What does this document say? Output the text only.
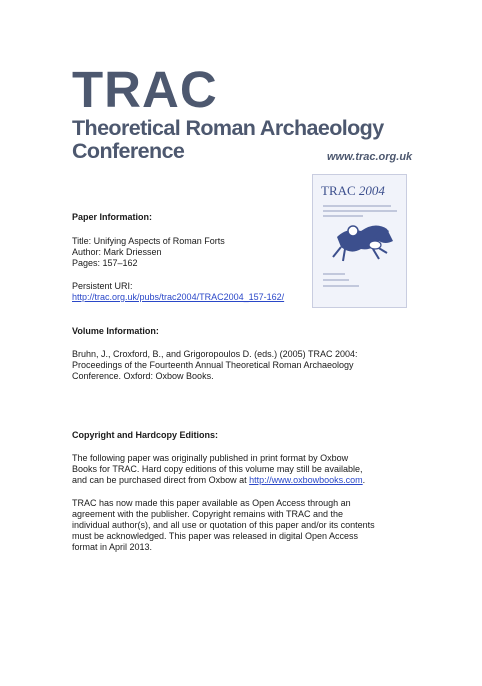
TRAC
Theoretical Roman Archaeology
Conference	www.trac.org.uk
TRAC 2004
Paper Information:
Title: Unifying Aspects of Roman Forts
Author: Mark Driessen
Pages: 157–162
Persistent URI:
http://trac.org.uk/pubs/trac2004/TRAC2004_157-162/
Volume Information:
Bruhn, J., Croxford, B., and Grigoropoulos D. (eds.) (2005) TRAC 2004:
Proceedings of the Fourteenth Annual Theoretical Roman Archaeology
Conference. Oxford: Oxbow Books.
Copyright and Hardcopy Editions:
The following paper was originally published in print format by Oxbow
Books for TRAC. Hard copy editions of this volume may still be available,
and can be purchased direct from Oxbow at http://www.oxbowbooks.com.
TRAC has now made this paper available as Open Access through an
agreement with the publisher. Copyright remains with TRAC and the
individual author(s), and all use or quotation of this paper and/or its contents
must be acknowledged. This paper was released in digital Open Access
format in April 2013.
